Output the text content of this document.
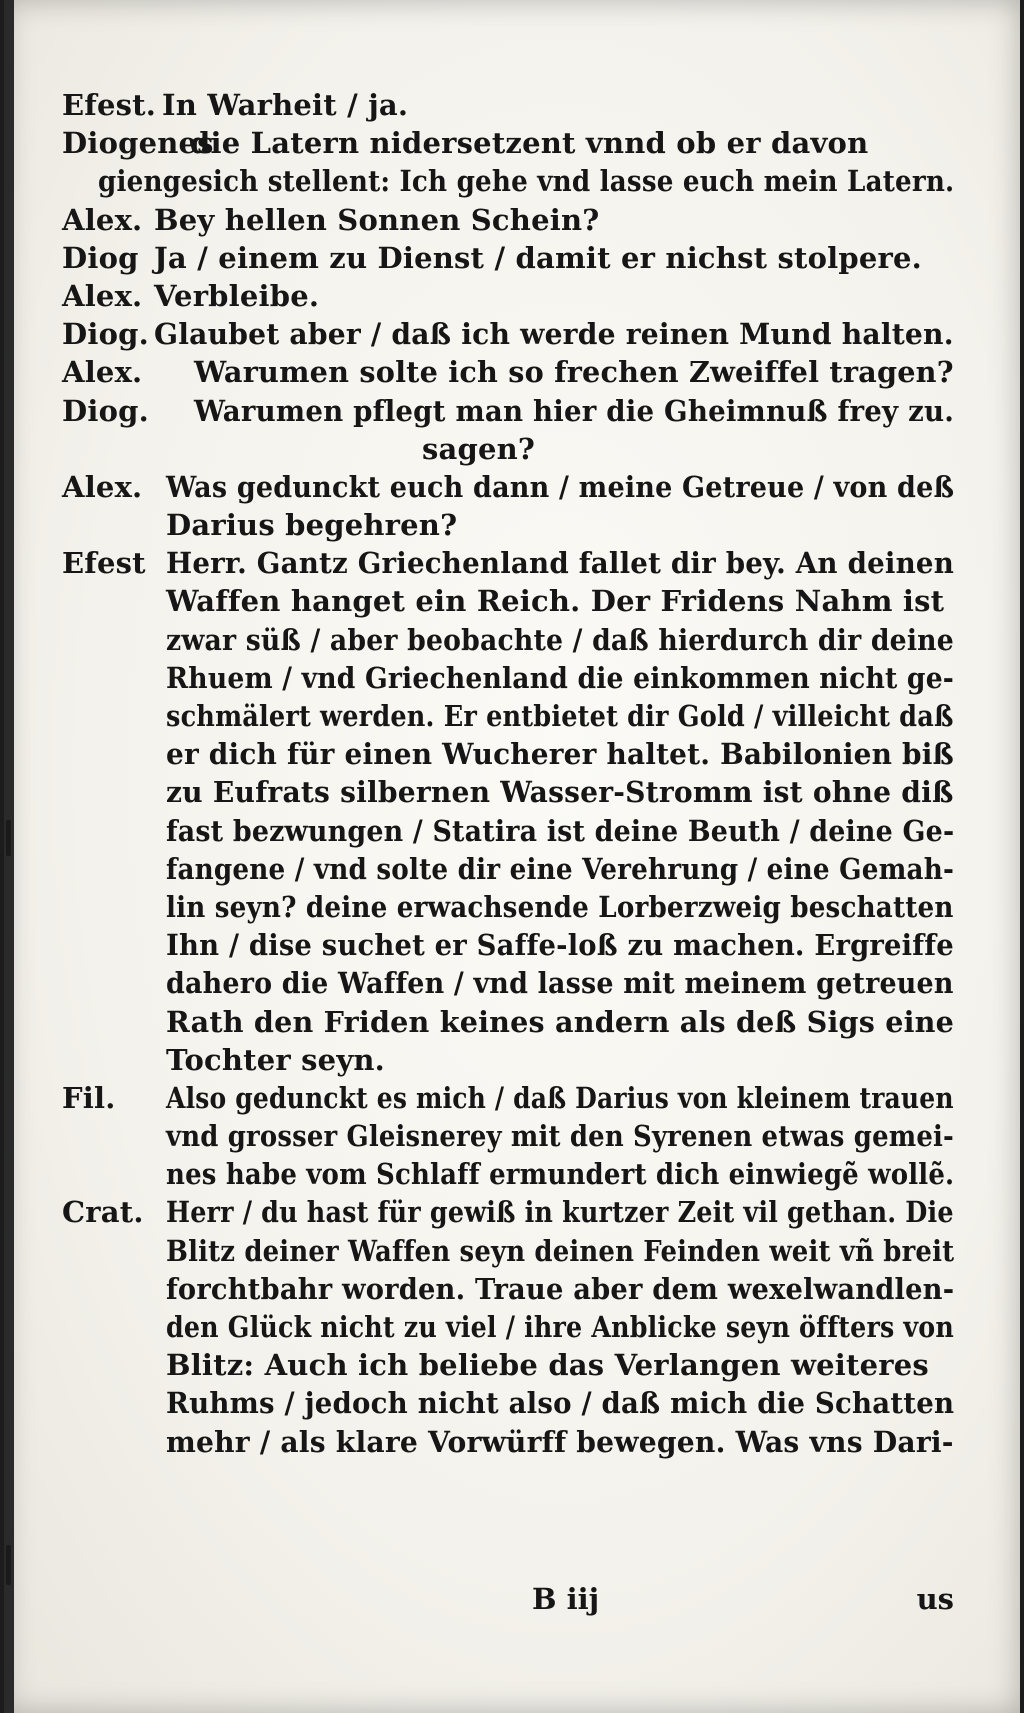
Efest. In Warheit / ja.
Diogenes
die Latern nidersetzent vnnd ob er davon
giengesich stellent: Ich gehe vnd lasse euch mein Latern.
Alex. Bey hellen Sonnen Schein?
Diog Ja / einem zu Dienst / damit er nichst stolpere.
Alex. Verbleibe.
Diog. Glaubet aber / daß ich werde reinen Mund halten.
Alex. Warumen solte ich so frechen Zweiffel tragen?
Diog. Warumen pflegt man hier die Gheimnuß frey zu.
sagen?
Alex. Was gedunckt euch dann / meine Getreue / von deß
Darius begehren?
Efest Herr. Gantz Griechenland fallet dir bey. An deinen
Waffen hanget ein Reich. Der Fridens Nahm ist
zwar süß / aber beobachte / daß hierdurch dir deine
Rhuem / vnd Griechenland die einkommen nicht ge-
schmälert werden. Er entbietet dir Gold / villeicht daß
er dich für einen Wucherer haltet. Babilonien biß
zu Eufrats silbernen Wasser-Stromm ist ohne diß
fast bezwungen / Statira ist deine Beuth / deine Ge-
fangene / vnd solte dir eine Verehrung / eine Gemah-
lin seyn? deine erwachsende Lorberzweig beschatten
Ihn / dise suchet er Saffe-loß zu machen. Ergreiffe
dahero die Waffen / vnd lasse mit meinem getreuen
Rath den Friden keines andern als deß Sigs eine
Tochter seyn.
Fil. Also gedunckt es mich / daß Darius von kleinem trauen
vnd grosser Gleisnerey mit den Syrenen etwas gemei-
nes habe vom Schlaff ermundert dich einwiegẽ wollẽ.
Crat. Herr / du hast für gewiß in kurtzer Zeit vil gethan. Die
Blitz deiner Waffen seyn deinen Feinden weit vñ breit
forchtbahr worden. Traue aber dem wexelwandlen-
den Glück nicht zu viel / ihre Anblicke seyn öffters von
Blitz: Auch ich beliebe das Verlangen weiteres
Ruhms / jedoch nicht also / daß mich die Schatten
mehr / als klare Vorwürff bewegen. Was vns Dari-
B iij	us
